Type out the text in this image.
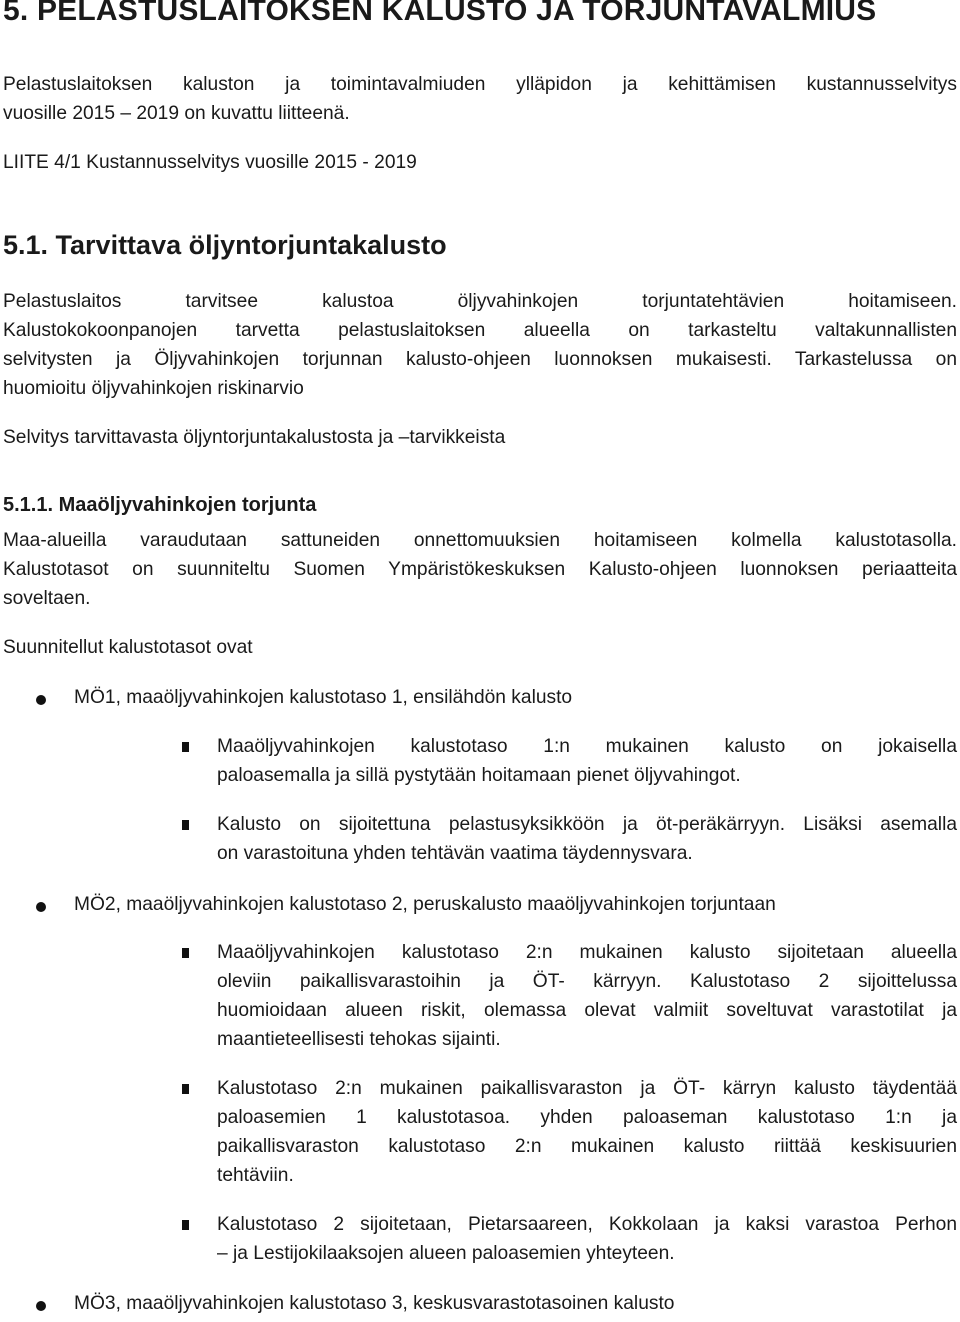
5. PELASTUSLAITOKSEN KALUSTO JA TORJUNTAVALMIUS
Pelastuslaitoksen kaluston ja toimintavalmiuden ylläpidon ja kehittämisen kustannusselvitys
vuosille 2015 – 2019 on kuvattu liitteenä.
LIITE 4/1 Kustannusselvitys vuosille 2015 - 2019
5.1. Tarvittava öljyntorjuntakalusto
Pelastuslaitos tarvitsee kalustoa öljyvahinkojen torjuntatehtävien hoitamiseen.
Kalustokokoonpanojen tarvetta pelastuslaitoksen alueella on tarkasteltu valtakunnallisten
selvitysten ja Öljyvahinkojen torjunnan kalusto-ohjeen luonnoksen mukaisesti. Tarkastelussa on
huomioitu öljyvahinkojen riskinarvio
Selvitys tarvittavasta öljyntorjuntakalustosta ja –tarvikkeista
5.1.1. Maaöljyvahinkojen torjunta
Maa-alueilla varaudutaan sattuneiden onnettomuuksien hoitamiseen kolmella kalustotasolla.
Kalustotasot on suunniteltu Suomen Ympäristökeskuksen Kalusto-ohjeen luonnoksen periaatteita
soveltaen.
Suunnitellut kalustotasot ovat
MÖ1, maaöljyvahinkojen kalustotaso 1, ensilähdön kalusto
Maaöljyvahinkojen kalustotaso 1:n mukainen kalusto on jokaisella
paloasemalla ja sillä pystytään hoitamaan pienet öljyvahingot.
Kalusto on sijoitettuna pelastusyksikköön ja öt-peräkärryyn. Lisäksi asemalla
on varastoituna yhden tehtävän vaatima täydennysvara.
MÖ2, maaöljyvahinkojen kalustotaso 2, peruskalusto maaöljyvahinkojen torjuntaan
Maaöljyvahinkojen kalustotaso 2:n mukainen kalusto sijoitetaan alueella
oleviin paikallisvarastoihin ja ÖT- kärryyn. Kalustotaso 2 sijoittelussa
huomioidaan alueen riskit, olemassa olevat valmiit soveltuvat varastotilat ja
maantieteellisesti tehokas sijainti.
Kalustotaso 2:n mukainen paikallisvaraston ja ÖT- kärryn kalusto täydentää
paloasemien 1 kalustotasoa. yhden paloaseman kalustotaso 1:n ja
paikallisvaraston kalustotaso 2:n mukainen kalusto riittää keskisuurien
tehtäviin.
Kalustotaso 2 sijoitetaan, Pietarsaareen, Kokkolaan ja kaksi varastoa Perhon
– ja Lestijokilaaksojen alueen paloasemien yhteyteen.
MÖ3, maaöljyvahinkojen kalustotaso 3, keskusvarastotasoinen kalusto
